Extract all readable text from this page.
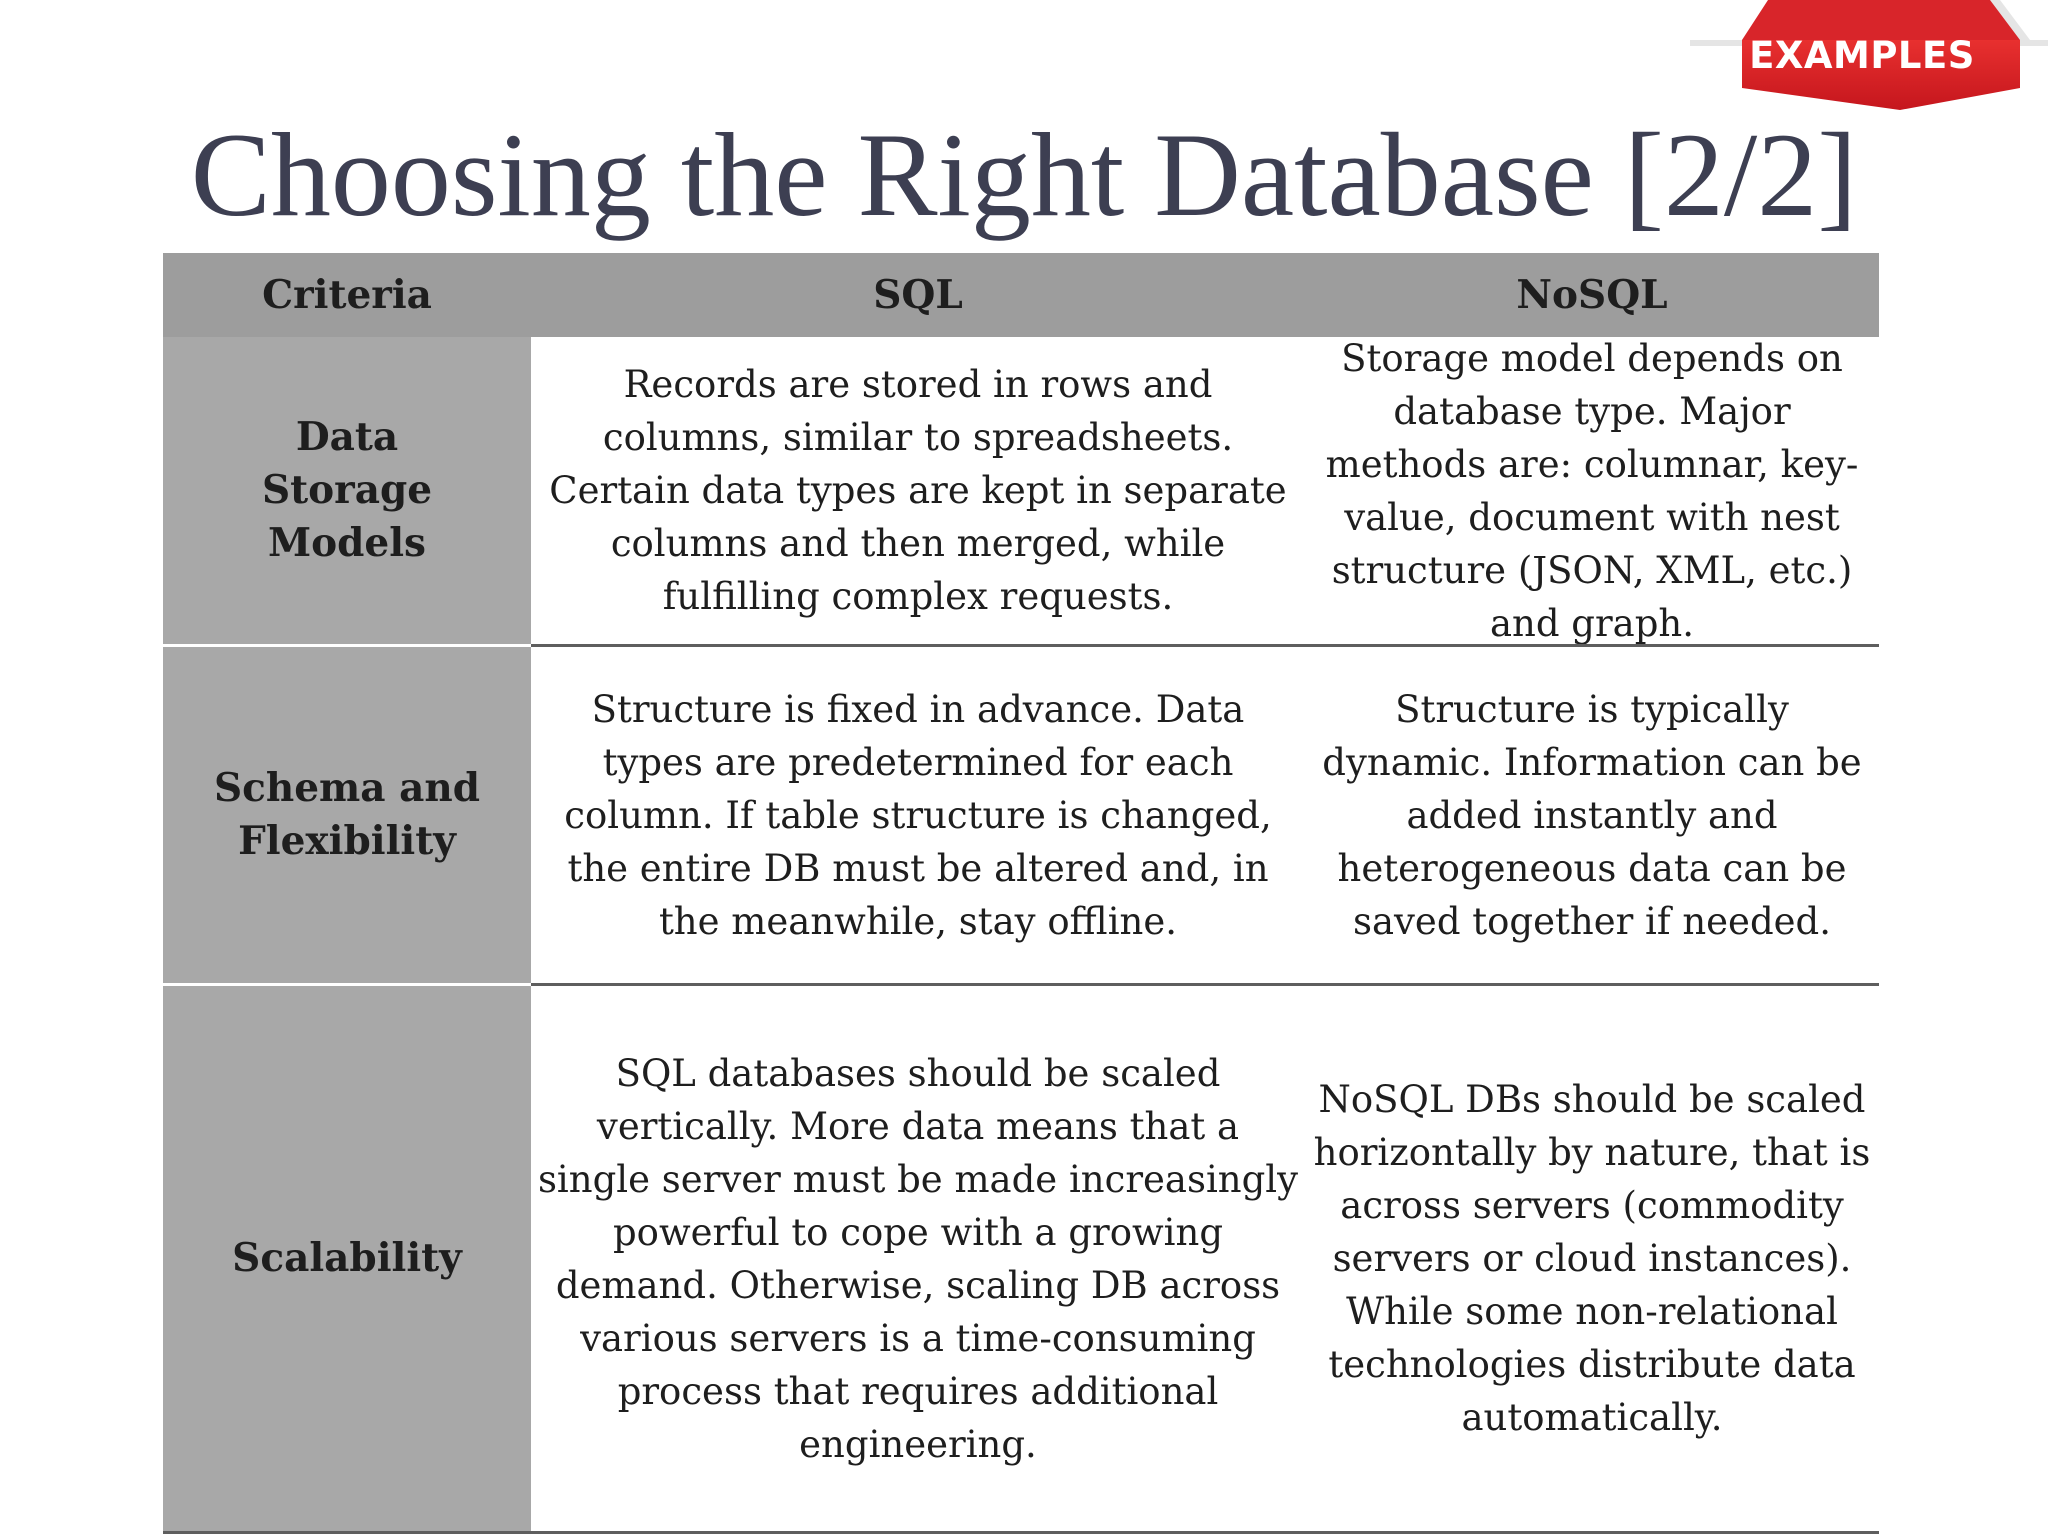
EXAMPLES
Choosing the Right Database [2/2]
Criteria	SQL	NoSQL
Data Storage Models
Records are stored in rows and columns, similar to spreadsheets. Certain data types are kept in separate columns and then merged, while fulfilling complex requests.
Storage model depends on database type. Major methods are: columnar, key-value, document with nest structure (JSON, XML, etc.) and graph.
Schema and Flexibility
Structure is fixed in advance. Data types are predetermined for each column. If table structure is changed, the entire DB must be altered and, in the meanwhile, stay offline.
Structure is typically dynamic. Information can be added instantly and heterogeneous data can be saved together if needed.
Scalability
SQL databases should be scaled vertically. More data means that a single server must be made increasingly powerful to cope with a growing demand. Otherwise, scaling DB across various servers is a time-consuming process that requires additional engineering.
NoSQL DBs should be scaled horizontally by nature, that is across servers (commodity servers or cloud instances). While some non-relational technologies distribute data automatically.
